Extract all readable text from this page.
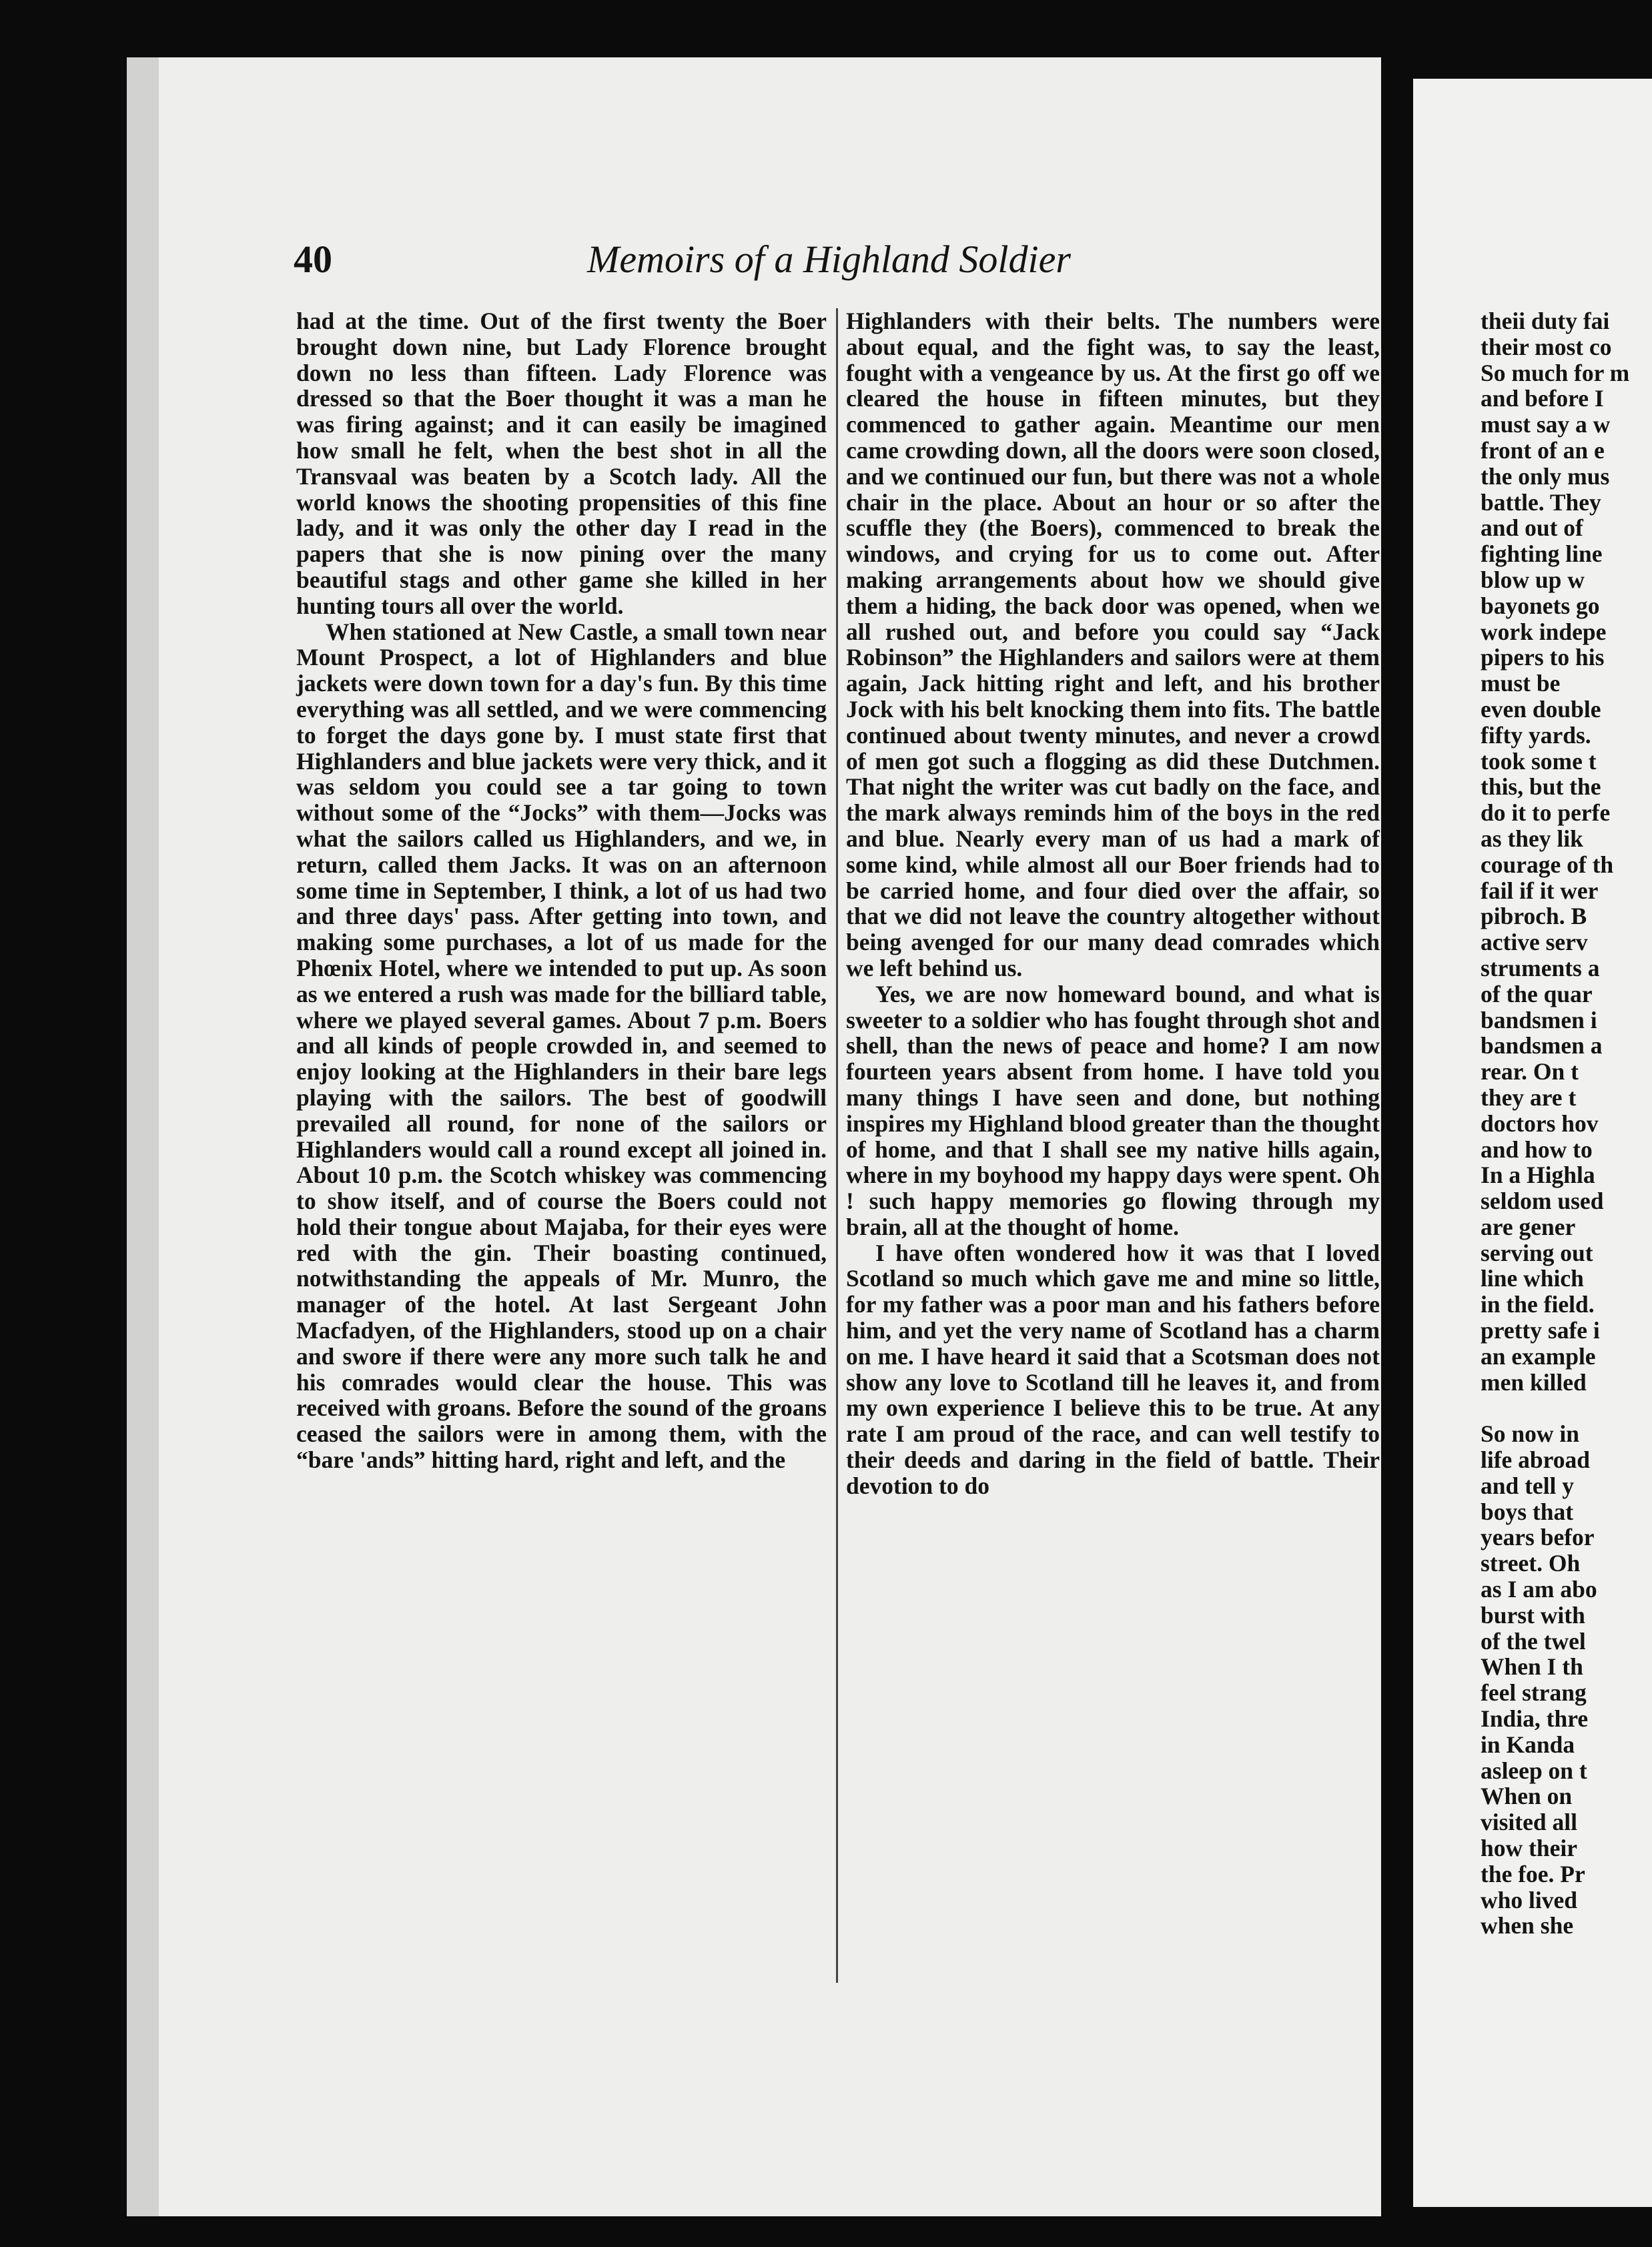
40	Memoirs of a Highland Soldier

had at the time. Out of the first twenty the Boer brought down nine, but Lady Florence brought down no less than fifteen. Lady Florence was dressed so that the Boer thought it was a man he was firing against; and it can easily be imagined how small he felt, when the best shot in all the Transvaal was beaten by a Scotch lady. All the world knows the shooting propensities of this fine lady, and it was only the other day I read in the papers that she is now pining over the many beautiful stags and other game she killed in her hunting tours all over the world.

When stationed at New Castle, a small town near Mount Prospect, a lot of Highlanders and blue jackets were down town for a day's fun. By this time everything was all settled, and we were commencing to forget the days gone by. I must state first that Highlanders and blue jackets were very thick, and it was seldom you could see a tar going to town without some of the “Jocks” with them—Jocks was what the sailors called us Highlanders, and we, in return, called them Jacks. It was on an afternoon some time in September, I think, a lot of us had two and three days' pass. After getting into town, and making some purchases, a lot of us made for the Phœnix Hotel, where we intended to put up. As soon as we entered a rush was made for the billiard table, where we played several games. About 7 p.m. Boers and all kinds of people crowded in, and seemed to enjoy looking at the Highlanders in their bare legs playing with the sailors. The best of goodwill prevailed all round, for none of the sailors or Highlanders would call a round except all joined in. About 10 p.m. the Scotch whiskey was commencing to show itself, and of course the Boers could not hold their tongue about Majaba, for their eyes were red with the gin. Their boasting continued, notwithstanding the appeals of Mr. Munro, the manager of the hotel. At last Sergeant John Macfadyen, of the Highlanders, stood up on a chair and swore if there were any more such talk he and his comrades would clear the house. This was received with groans. Before the sound of the groans ceased the sailors were in among them, with the “bare 'ands” hitting hard, right and left, and the

Highlanders with their belts. The numbers were about equal, and the fight was, to say the least, fought with a vengeance by us. At the first go off we cleared the house in fifteen minutes, but they commenced to gather again. Meantime our men came crowding down, all the doors were soon closed, and we continued our fun, but there was not a whole chair in the place. About an hour or so after the scuffle they (the Boers), commenced to break the windows, and crying for us to come out. After making arrangements about how we should give them a hiding, the back door was opened, when we all rushed out, and before you could say “Jack Robinson” the Highlanders and sailors were at them again, Jack hitting right and left, and his brother Jock with his belt knocking them into fits. The battle continued about twenty minutes, and never a crowd of men got such a flogging as did these Dutchmen. That night the writer was cut badly on the face, and the mark always reminds him of the boys in the red and blue. Nearly every man of us had a mark of some kind, while almost all our Boer friends had to be carried home, and four died over the affair, so that we did not leave the country altogether without being avenged for our many dead comrades which we left behind us.

Yes, we are now homeward bound, and what is sweeter to a soldier who has fought through shot and shell, than the news of peace and home? I am now fourteen years absent from home. I have told you many things I have seen and done, but nothing inspires my Highland blood greater than the thought of home, and that I shall see my native hills again, where in my boyhood my happy days were spent. Oh ! such happy memories go flowing through my brain, all at the thought of home.

I have often wondered how it was that I loved Scotland so much which gave me and mine so little, for my father was a poor man and his fathers before him, and yet the very name of Scotland has a charm on me. I have heard it said that a Scotsman does not show any love to Scotland till he leaves it, and from my own experience I believe this to be true. At any rate I am proud of the race, and can well testify to their deeds and daring in the field of battle. Their devotion to do

theii duty fai
their most co
So much for m
and before I
must say a w
front of an e
the only mus
battle. They
and out of
fighting line
blow up w
bayonets go
work indepe
pipers to his
must be
even double
fifty yards.
took some t
this, but the
do it to perfe
as they lik
courage of th
fail if it wer
pibroch. B
active serv
struments a
of the quar
bandsmen i
bandsmen a
rear. On t
they are t
doctors hov
and how to
In a Highla
seldom used
are gener
serving out
line which
in the field.
pretty safe i
an example
men killed
So now in
life abroad
and tell y
boys that
years befor
street. Oh
as I am abo
burst with
of the twel
When I th
feel strang
India, thre
in Kanda
asleep on t
When on
visited all
how their
the foe. Pr
who lived
when she
